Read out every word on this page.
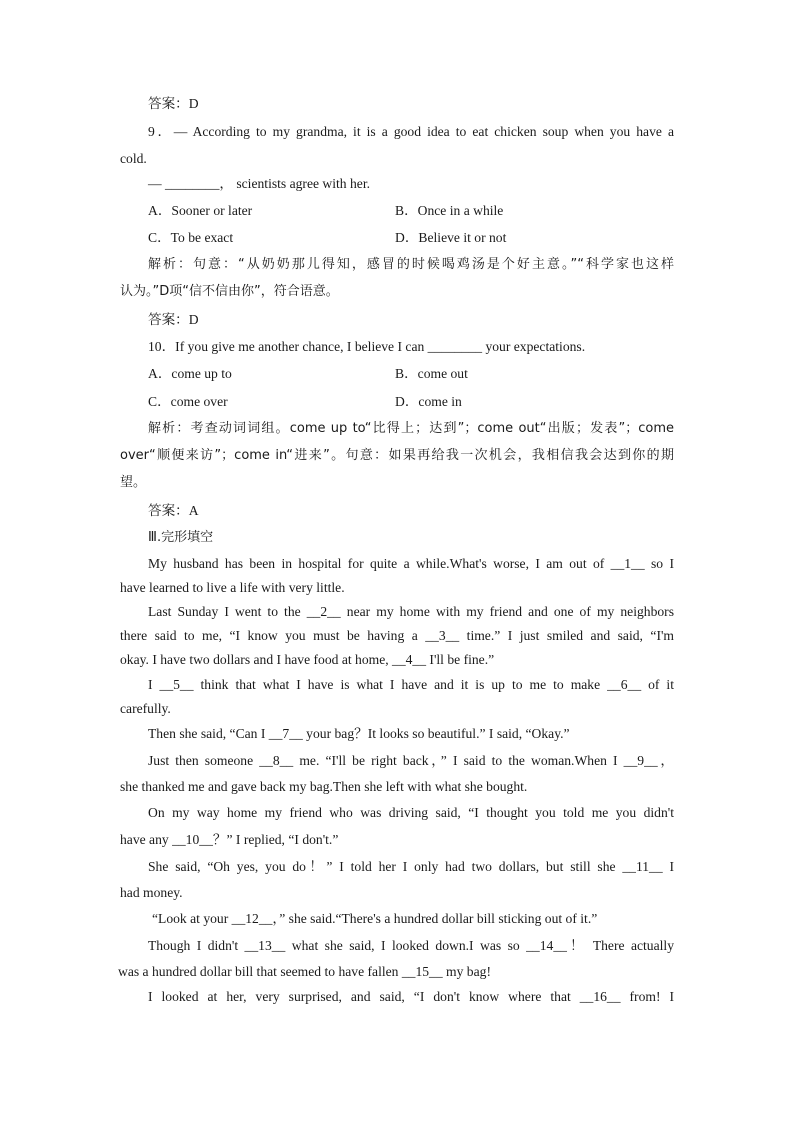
答案：D
9．— According to my grandma, it is a good idea to eat chicken soup when you have a
cold.
— ________， scientists agree with her.
A．Sooner or later	B．Once in a while
C．To be exact	D．Believe it or not
解析：句意：“从奶奶那儿得知，感冒的时候喝鸡汤是个好主意。”“科学家也这样
认为。”D项“信不信由你”，符合语意。
答案：D
10．If you give me another chance, I believe I can ________ your expectations.
A．come up to	B．come out
C．come over	D．come in
解析：考查动词词组。come up to“比得上；达到”；come out“出版；发表”；come
over“顺便来访”；come in“进来”。句意：如果再给我一次机会，我相信我会达到你的期
望。
答案：A
Ⅲ.完形填空
My husband has been in hospital for quite a while.What's worse, I am out of __1__ so I
have learned to live a life with very little.
Last Sunday I went to the __2__ near my home with my friend and one of my neighbors
there said to me, “I know you must be having a __3__ time.” I just smiled and said, “I'm
okay. I have two dollars and I have food at home, __4__ I'll be fine.”
I __5__ think that what I have is what I have and it is up to me to make __6__ of it
carefully.
Then she said, “Can I __7__ your bag？It looks so beautiful.” I said, “Okay.”
Just then someone __8__ me. “I'll be right back，” I said to the woman.When I __9__，
she thanked me and gave back my bag.Then she left with what she bought.
On my way home my friend who was driving said, “I thought you told me you didn't
have any __10__？” I replied, “I don't.”
She said, “Oh yes, you do！” I told her I only had two dollars, but still she __11__ I
had money.
“Look at your __12__，” she said.“There's a hundred dollar bill sticking out of it.”
Though I didn't __13__ what she said, I looked down.I was so __14__！ There actually
was a hundred dollar bill that seemed to have fallen __15__ my bag!
I looked at her, very surprised, and said, “I don't know where that __16__ from! I
